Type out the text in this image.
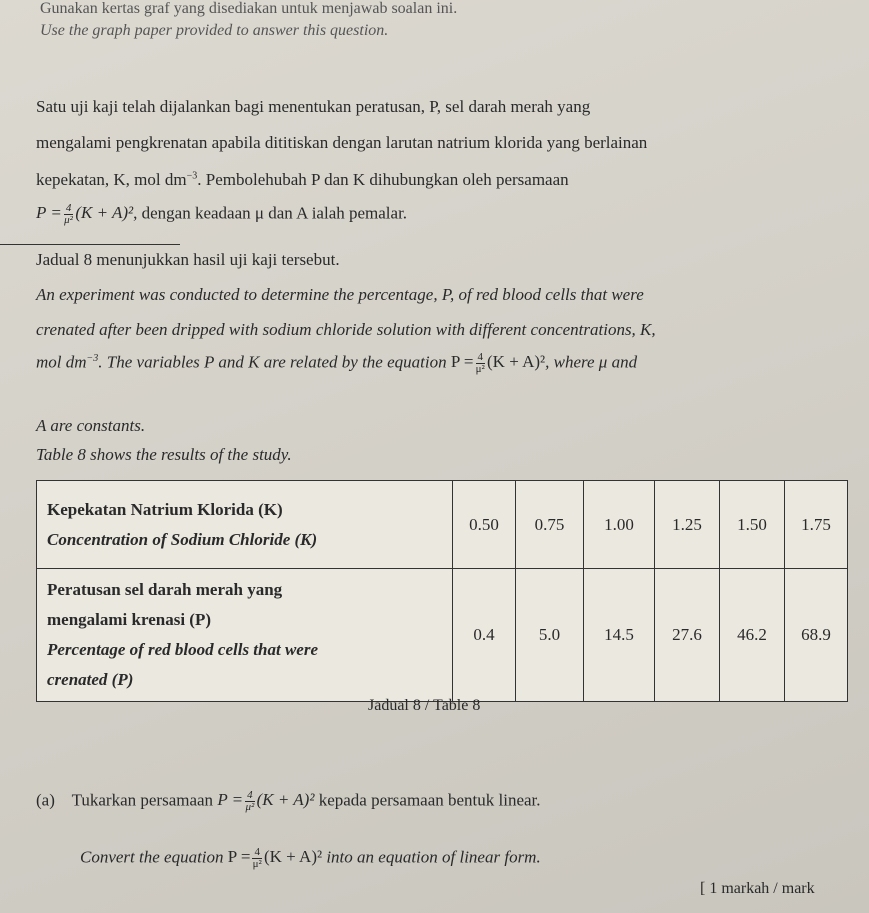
Gunakan kertas graf yang disediakan untuk menjawab soalan ini.
Use the graph paper provided to answer this question.
Satu uji kaji telah dijalankan bagi menentukan peratusan, P, sel darah merah yang
mengalami pengkrenatan apabila dititiskan dengan larutan natrium klorida yang berlainan
kepekatan, K, mol $dm^{-3}$. Pembolehubah P dan K dihubungkan oleh persamaan
$P = \frac{4}{\text{μ²}} (K + A)^2$, dengan keadaan μ dan A ialah pemalar.
Jadual 8 menunjukkan hasil uji kaji tersebut.
An experiment was conducted to determine the percentage, P, of red blood cells that were
crenated after been dripped with sodium chloride solution with different concentrations, K,
mol $dm^{-3}$. The variables P and K are related by the equation $P = \frac{4}{\text{μ²}} (K + A)^2$, where μ and
A are constants.
Table 8 shows the results of the study.
Kepekatan Natrium Klorida (K)
Concentration of Sodium Chloride (K)	0.50	0.75	1.00	1.25	1.50	1.75

Peratusan sel darah merah yang
mengalami krenasi (P)
Percentage of red blood cells that were
crenated (P)	0.4	5.0	14.5	27.6	46.2	68.9
Jadual 8 / Table 8
(a) Tukarkan persamaan $P = \frac{4}{\text{μ²}} (K + A)^2$ kepada persamaan bentuk linear.
Convert the equation $P = \frac{4}{\text{μ²}} (K + A)^2$ into an equation of linear form.
[ 1 markah / mark
